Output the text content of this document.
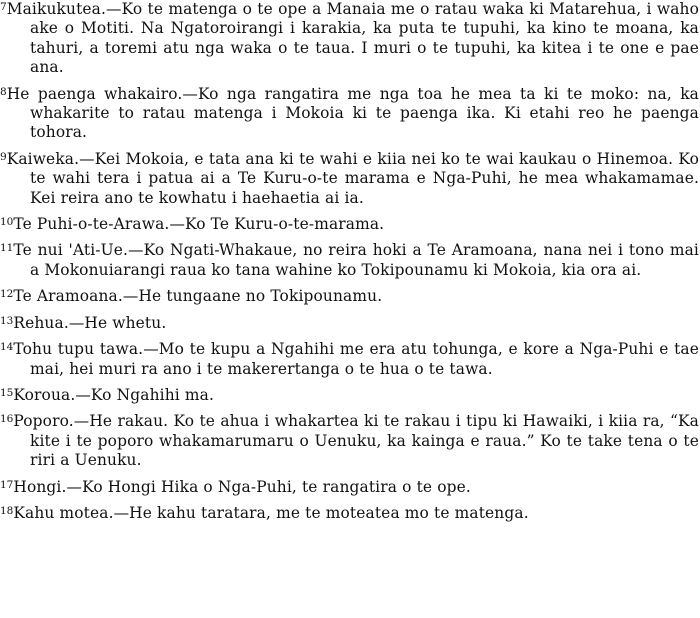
$^7$Maikukutea.—Ko te matenga o te ope a Manaia me o ratau waka ki Matarehua, i waho ake o Motiti. Na Ngatoroirangi i karakia, ka puta te tupuhi, ka kino te moana, ka tahuri, a toremi atu nga waka o te taua. I muri o te tupuhi, ka kitea i te one e pae ana.

$^8$He paenga whakairo.—Ko nga rangatira me nga toa he mea ta ki te moko: na, ka whakarite to ratau matenga i Mokoia ki te paenga ika. Ki etahi reo he paenga tohora.

$^9$Kaiweka.—Kei Mokoia, e tata ana ki te wahi e kiia nei ko te wai kaukau o Hinemoa. Ko te wahi tera i patua ai a Te Kuru-o-te marama e Nga-Puhi, he mea whakamamae. Kei reira ano te kowhatu i haehaetia ai ia.

$^{10}$Te Puhi-o-te-Arawa.—Ko Te Kuru-o-te-marama.

$^{11}$Te nui 'Ati-Ue.—Ko Ngati-Whakaue, no reira hoki a Te Aramoana, nana nei i tono mai a Mokonuiarangi raua ko tana wahine ko Tokipounamu ki Mokoia, kia ora ai.

$^{12}$Te Aramoana.—He tungaane no Tokipounamu.

$^{13}$Rehua.—He whetu.

$^{14}$Tohu tupu tawa.—Mo te kupu a Ngahihi me era atu tohunga, e kore a Nga-Puhi e tae mai, hei muri ra ano i te makerertanga o te hua o te tawa.

$^{15}$Koroua.—Ko Ngahihi ma.

$^{16}$Poporo.—He rakau. Ko te ahua i whakartea ki te rakau i tipu ki Hawaiki, i kiia ra, “Ka kite i te poporo whakamarumaru o Uenuku, ka kainga e raua.” Ko te take tena o te riri a Uenuku.

$^{17}$Hongi.—Ko Hongi Hika o Nga-Puhi, te rangatira o te ope.

$^{18}$Kahu motea.—He kahu taratara, me te moteatea mo te matenga.
